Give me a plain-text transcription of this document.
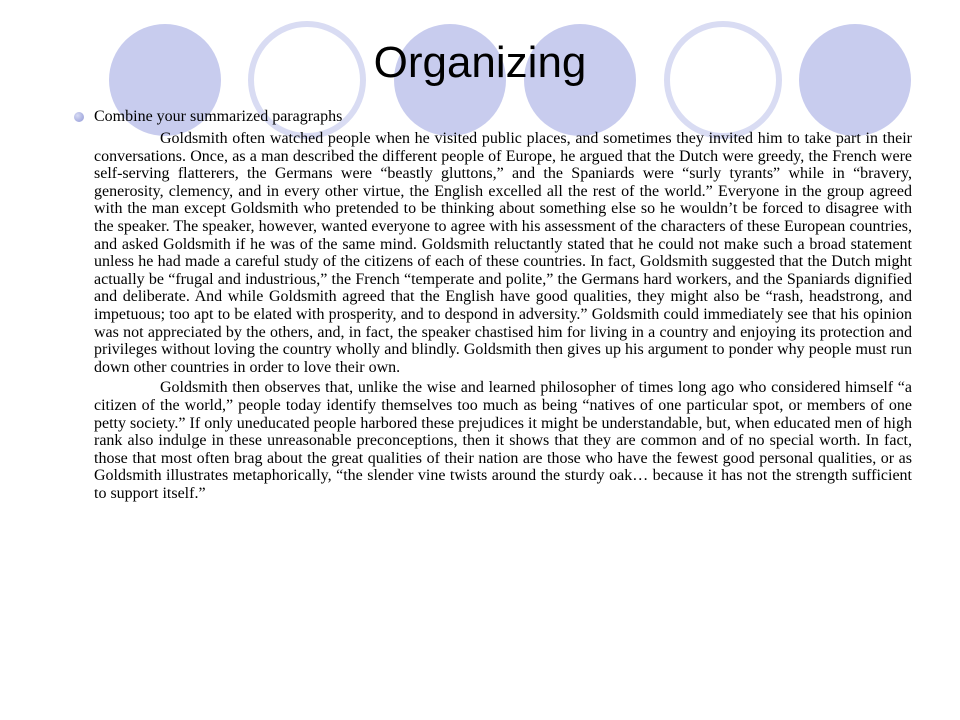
Organizing
Combine your summarized paragraphs

Goldsmith often watched people when he visited public places, and sometimes they invited him to take part in their conversations. Once, as a man described the different people of Europe, he argued that the Dutch were greedy, the French were self-serving flatterers, the Germans were “beastly gluttons,” and the Spaniards were “surly tyrants” while in “bravery, generosity, clemency, and in every other virtue, the English excelled all the rest of the world.” Everyone in the group agreed with the man except Goldsmith who pretended to be thinking about something else so he wouldn’t be forced to disagree with the speaker. The speaker, however, wanted everyone to agree with his assessment of the characters of these European countries, and asked Goldsmith if he was of the same mind. Goldsmith reluctantly stated that he could not make such a broad statement unless he had made a careful study of the citizens of each of these countries. In fact, Goldsmith suggested that the Dutch might actually be “frugal and industrious,” the French “temperate and polite,” the Germans hard workers, and the Spaniards dignified and deliberate. And while Goldsmith agreed that the English have good qualities, they might also be “rash, headstrong, and impetuous; too apt to be elated with prosperity, and to despond in adversity.” Goldsmith could immediately see that his opinion was not appreciated by the others, and, in fact, the speaker chastised him for living in a country and enjoying its protection and privileges without loving the country wholly and blindly. Goldsmith then gives up his argument to ponder why people must run down other countries in order to love their own.

Goldsmith then observes that, unlike the wise and learned philosopher of times long ago who considered himself “a citizen of the world,” people today identify themselves too much as being “natives of one particular spot, or members of one petty society.” If only uneducated people harbored these prejudices it might be understandable, but, when educated men of high rank also indulge in these unreasonable preconceptions, then it shows that they are common and of no special worth. In fact, those that most often brag about the great qualities of their nation are those who have the fewest good personal qualities, or as Goldsmith illustrates metaphorically, “the slender vine twists around the sturdy oak… because it has not the strength sufficient to support itself.”
